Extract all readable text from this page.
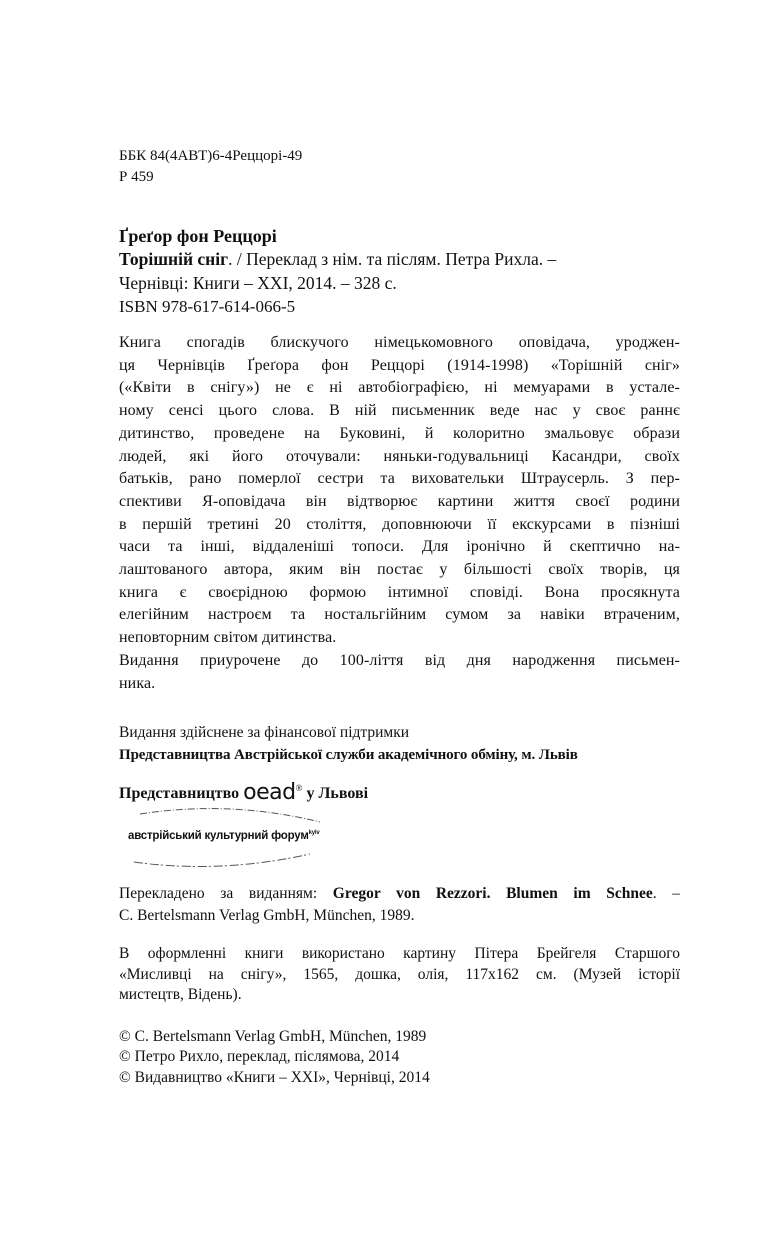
ББК 84(4АВТ)6-4Реццорі-49
Р 459
Ґреґор фон Реццорі
Торішній сніг. / Переклад з нім. та післям. Петра Рихла. –
Чернівці: Книги – XXI, 2014. – 328 с.
ISBN 978-617-614-066-5

Книга спогадів блискучого німецькомовного оповідача, уроджен-

ця Чернівців Ґреґора фон Реццорі (1914-1998) «Торішній сніг»

(«Квіти в снігу») не є ні автобіографією, ні мемуарами в устале-

ному сенсі цього слова. В ній письменник веде нас у своє раннє

дитинство, проведене на Буковині, й колоритно змальовує образи

людей, які його оточували: няньки-годувальниці Касандри, своїх

батьків, рано померлої сестри та виховательки Штраусерль. З пер-

спективи Я-оповідача він відтворює картини життя своєї родини

в першій третині 20 століття, доповнюючи її екскурсами в пізніші

часи та інші, віддаленіші топоси. Для іронічно й скептично на-

лаштованого автора, яким він постає у більшості своїх творів, ця

книга є своєрідною формою інтимної сповіді. Вона просякнута

елегійним настроєм та ностальгійним сумом за навіки втраченим,

неповторним світом дитинства.

Видання приурочене до 100-ліття від дня народження письмен-

ника.

Видання здійснене за фінансової підтримки
Представництва Австрійської служби академічного обміну, м. Львів
Представництво oead® у Львові
австрійський культурний форум$^{kyiv}$

Перекладено за виданням: Gregor von Rezzori. Blumen im Schnee. –

C. Bertelsmann Verlag GmbH, München, 1989.

В оформленні книги використано картину Пітера Брейгеля Старшого

«Мисливці на снігу», 1565, дошка, олія, 117х162 см. (Музей історії

мистецтв, Відень).

© C. Bertelsmann Verlag GmbH, München, 1989

© Петро Рихло, переклад, післямова, 2014

© Видавництво «Книги – XXI», Чернівці, 2014
